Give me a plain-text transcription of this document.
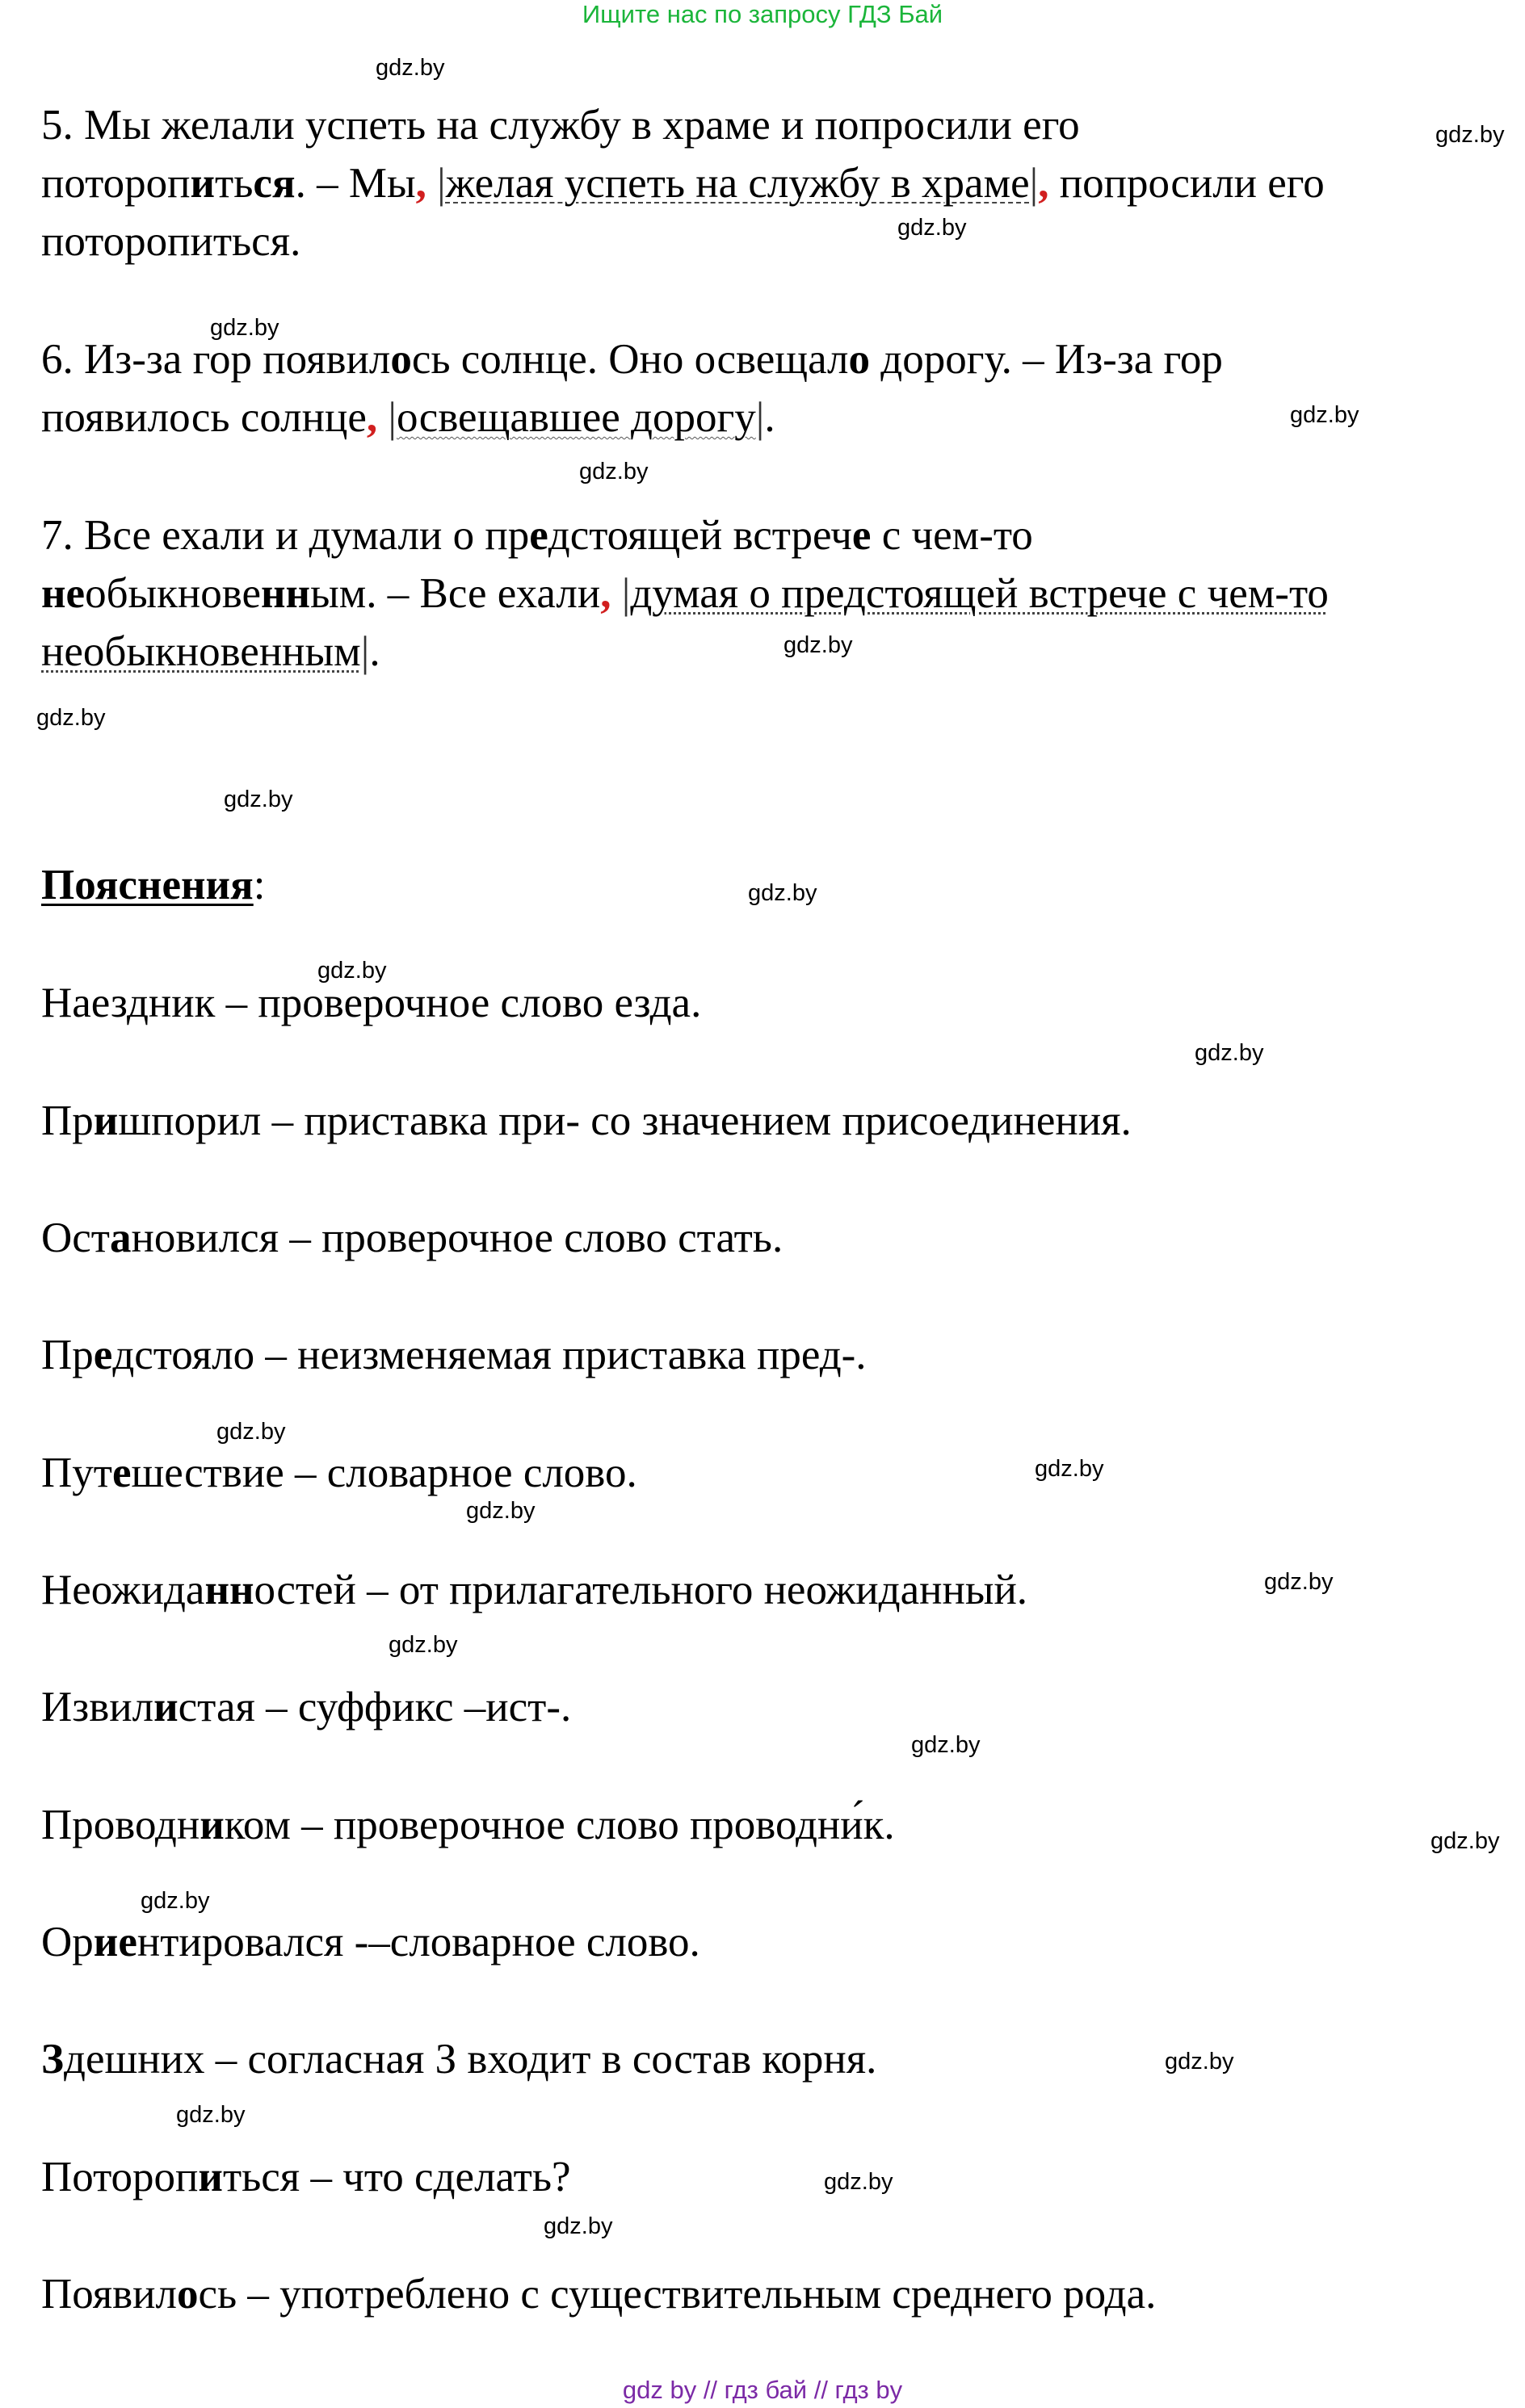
Ищите нас по запросу ГДЗ Бай
5. Мы желали успеть на службу в храме и попросили его
поторопиться. – Мы, |желая успеть на службу в храме|, попросили его
поторопиться.
6. Из-за гор появилось солнце. Оно освещало дорогу. – Из-за гор
появилось солнце, |освещавшее дорогу|.
7. Все ехали и думали о предстоящей встрече с чем-то
необыкновенным. – Все ехали, |думая о предстоящей встрече с чем-то
необыкновенным|.
Пояснения:
Наездник – проверочное слово езда.
Пришпорил – приставка при- со значением присоединения.
Остановился – проверочное слово стать.
Предстояло – неизменяемая приставка пред-.
Путешествие – словарное слово.
Неожиданностей – от прилагательного неожиданный.
Извилистая – суффикс –ист-.
Проводником – проверочное слово проводни́к.
Ориентировался -–словарное слово.
Здешних – согласная З входит в состав корня.
Поторопиться – что сделать?
Появилось – употреблено с существительным среднего рода.
gdz.by
gdz.by
gdz.by
gdz.by
gdz.by
gdz.by
gdz.by
gdz.by
gdz.by
gdz.by
gdz.by
gdz.by
gdz.by
gdz.by
gdz.by
gdz.by
gdz.by
gdz.by
gdz.by
gdz.by
gdz.by
gdz.by
gdz.by
gdz.by
gdz by // гдз бай // гдз by
